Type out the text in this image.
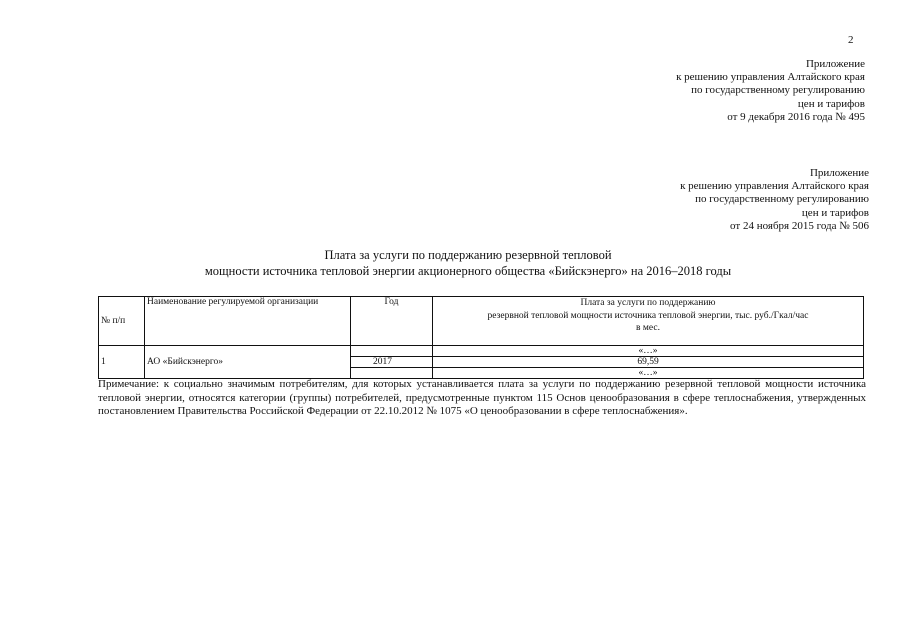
2
Приложение
к решению управления Алтайского края
по государственному регулированию
цен и тарифов
от 9 декабря 2016 года № 495
Приложение
к решению управления Алтайского края
по государственному регулированию
цен и тарифов
от 24 ноября 2015 года № 506
Плата за услуги по поддержанию резервной тепловой
мощности источника тепловой энергии акционерного общества «Бийскэнерго» на 2016–2018 годы
№ п/п	Наименование регулируемой организации	Год	Плата за услуги по поддержанию
резервной тепловой мощности источника тепловой энергии, тыс. руб./Гкал/час
в мес.

1	АО «Бийскэнерго»		«…»
		2017	69,59
			«…»
Примечание: к социально значимым потребителям, для которых устанавливается плата за услуги по поддержанию резервной тепловой мощности источника тепловой энергии, относятся категории (группы) потребителей, предусмотренные пунктом 115 Основ ценообразования в сфере теплоснабжения, утвержденных постановлением Правительства Российской Федерации от 22.10.2012 № 1075 «О ценообразовании в сфере теплоснабжения».
